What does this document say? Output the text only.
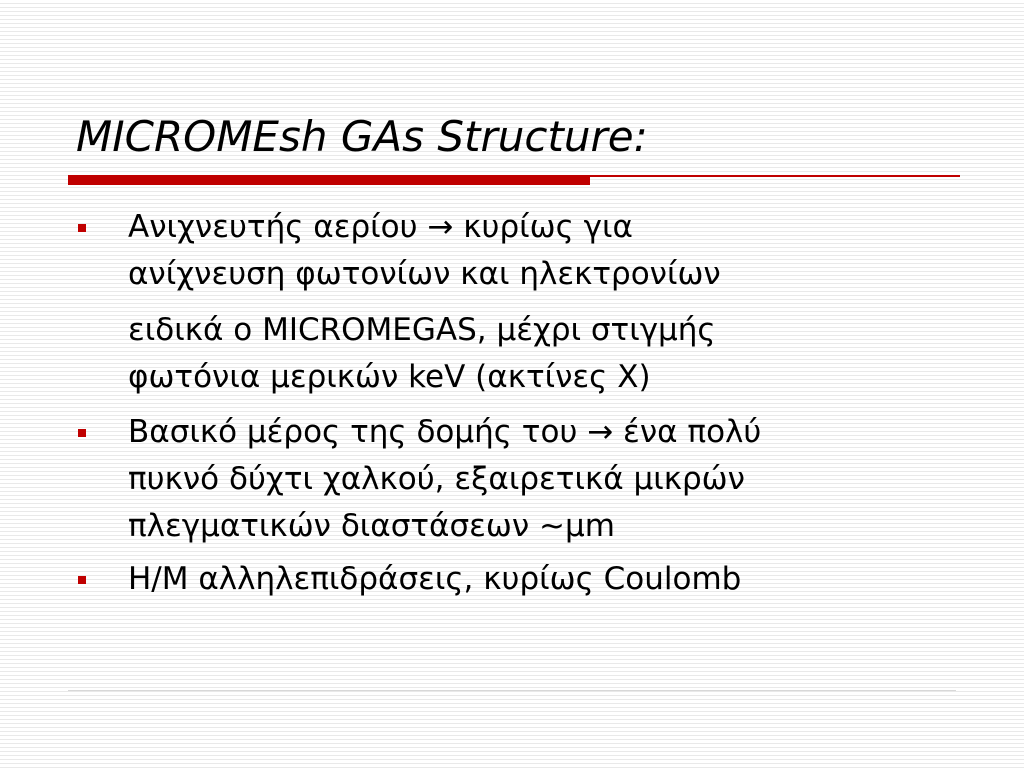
MICROMEsh GAs Structure:

Ανιχνευτής αερίου → κυρίως για
ανίχνευση φωτονίων και ηλεκτρονίων

ειδικά ο MICROMEGAS, μέχρι στιγμής
φωτόνια μερικών keV (ακτίνες Χ)

Βασικό μέρος της δομής του → ένα πολύ
πυκνό δύχτι χαλκού, εξαιρετικά μικρών
πλεγματικών διαστάσεων ~μm

Η/Μ αλληλεπιδράσεις, κυρίως Coulomb
